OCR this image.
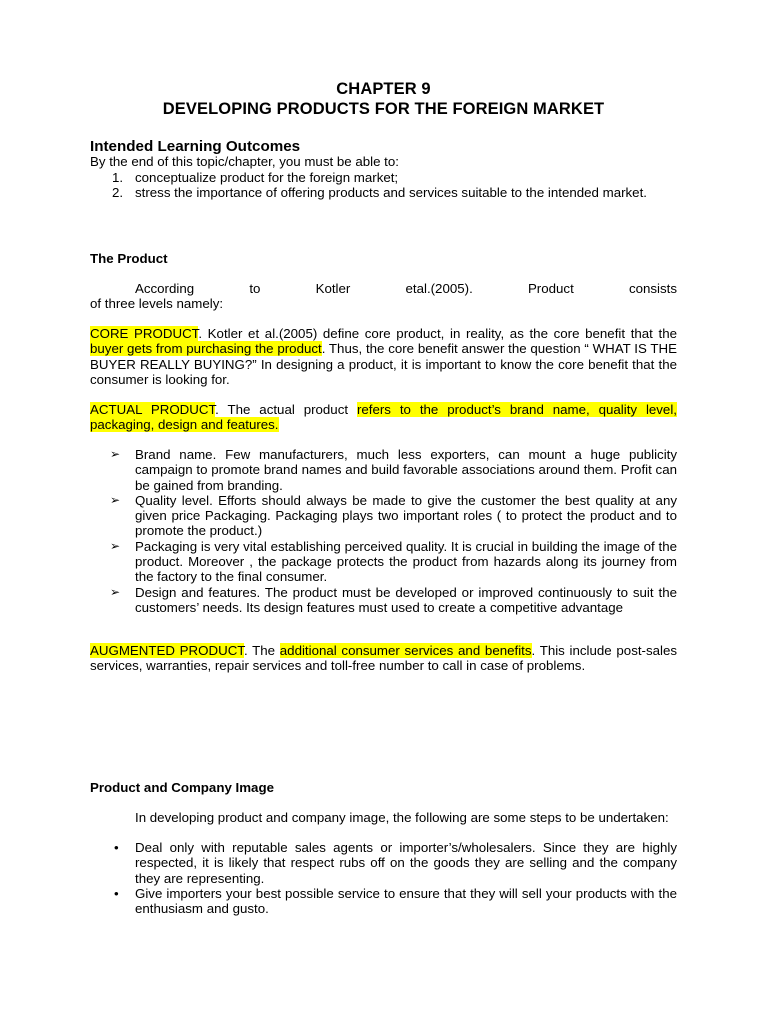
CHAPTER 9
DEVELOPING PRODUCTS FOR THE FOREIGN MARKET
Intended Learning Outcomes

By the end of this topic/chapter, you must be able to:

1. conceptualize product for the foreign market;
2. stress the importance of offering products and services suitable to the intended market.
The Product
According	to	Kotler	etal.(2005).	Product	consists
of three levels namely:
CORE PRODUCT. Kotler et al.(2005) define core product, in reality, as the core benefit that the buyer gets from purchasing the product. Thus, the core benefit answer the question “ WHAT IS THE BUYER REALLY BUYING?” In designing a product, it is important to know the core benefit that the consumer is looking for.
ACTUAL PRODUCT. The actual product refers to the product’s brand name, quality level, packaging, design and features.
➢ Brand name. Few manufacturers, much less exporters, can mount a huge publicity campaign to promote brand names and build favorable associations around them. Profit can be gained from branding.
➢ Quality level. Efforts should always be made to give the customer the best quality at any given price Packaging. Packaging plays two important roles ( to protect the product and to promote the product.)
➢ Packaging is very vital establishing perceived quality. It is crucial in building the image of the product. Moreover , the package protects the product from hazards along its journey from the factory to the final consumer.
➢ Design and features. The product must be developed or improved continuously to suit the customers’ needs. Its design features must used to create a competitive advantage
AUGMENTED PRODUCT. The additional consumer services and benefits. This include post-sales services, warranties, repair services and toll-free number to call in case of problems.
Product and Company Image
In developing product and company image, the following are some steps to be undertaken:
• Deal only with reputable sales agents or importer’s/wholesalers. Since they are highly respected, it is likely that respect rubs off on the goods they are selling and the company they are representing.
• Give importers your best possible service to ensure that they will sell your products with the enthusiasm and gusto.
